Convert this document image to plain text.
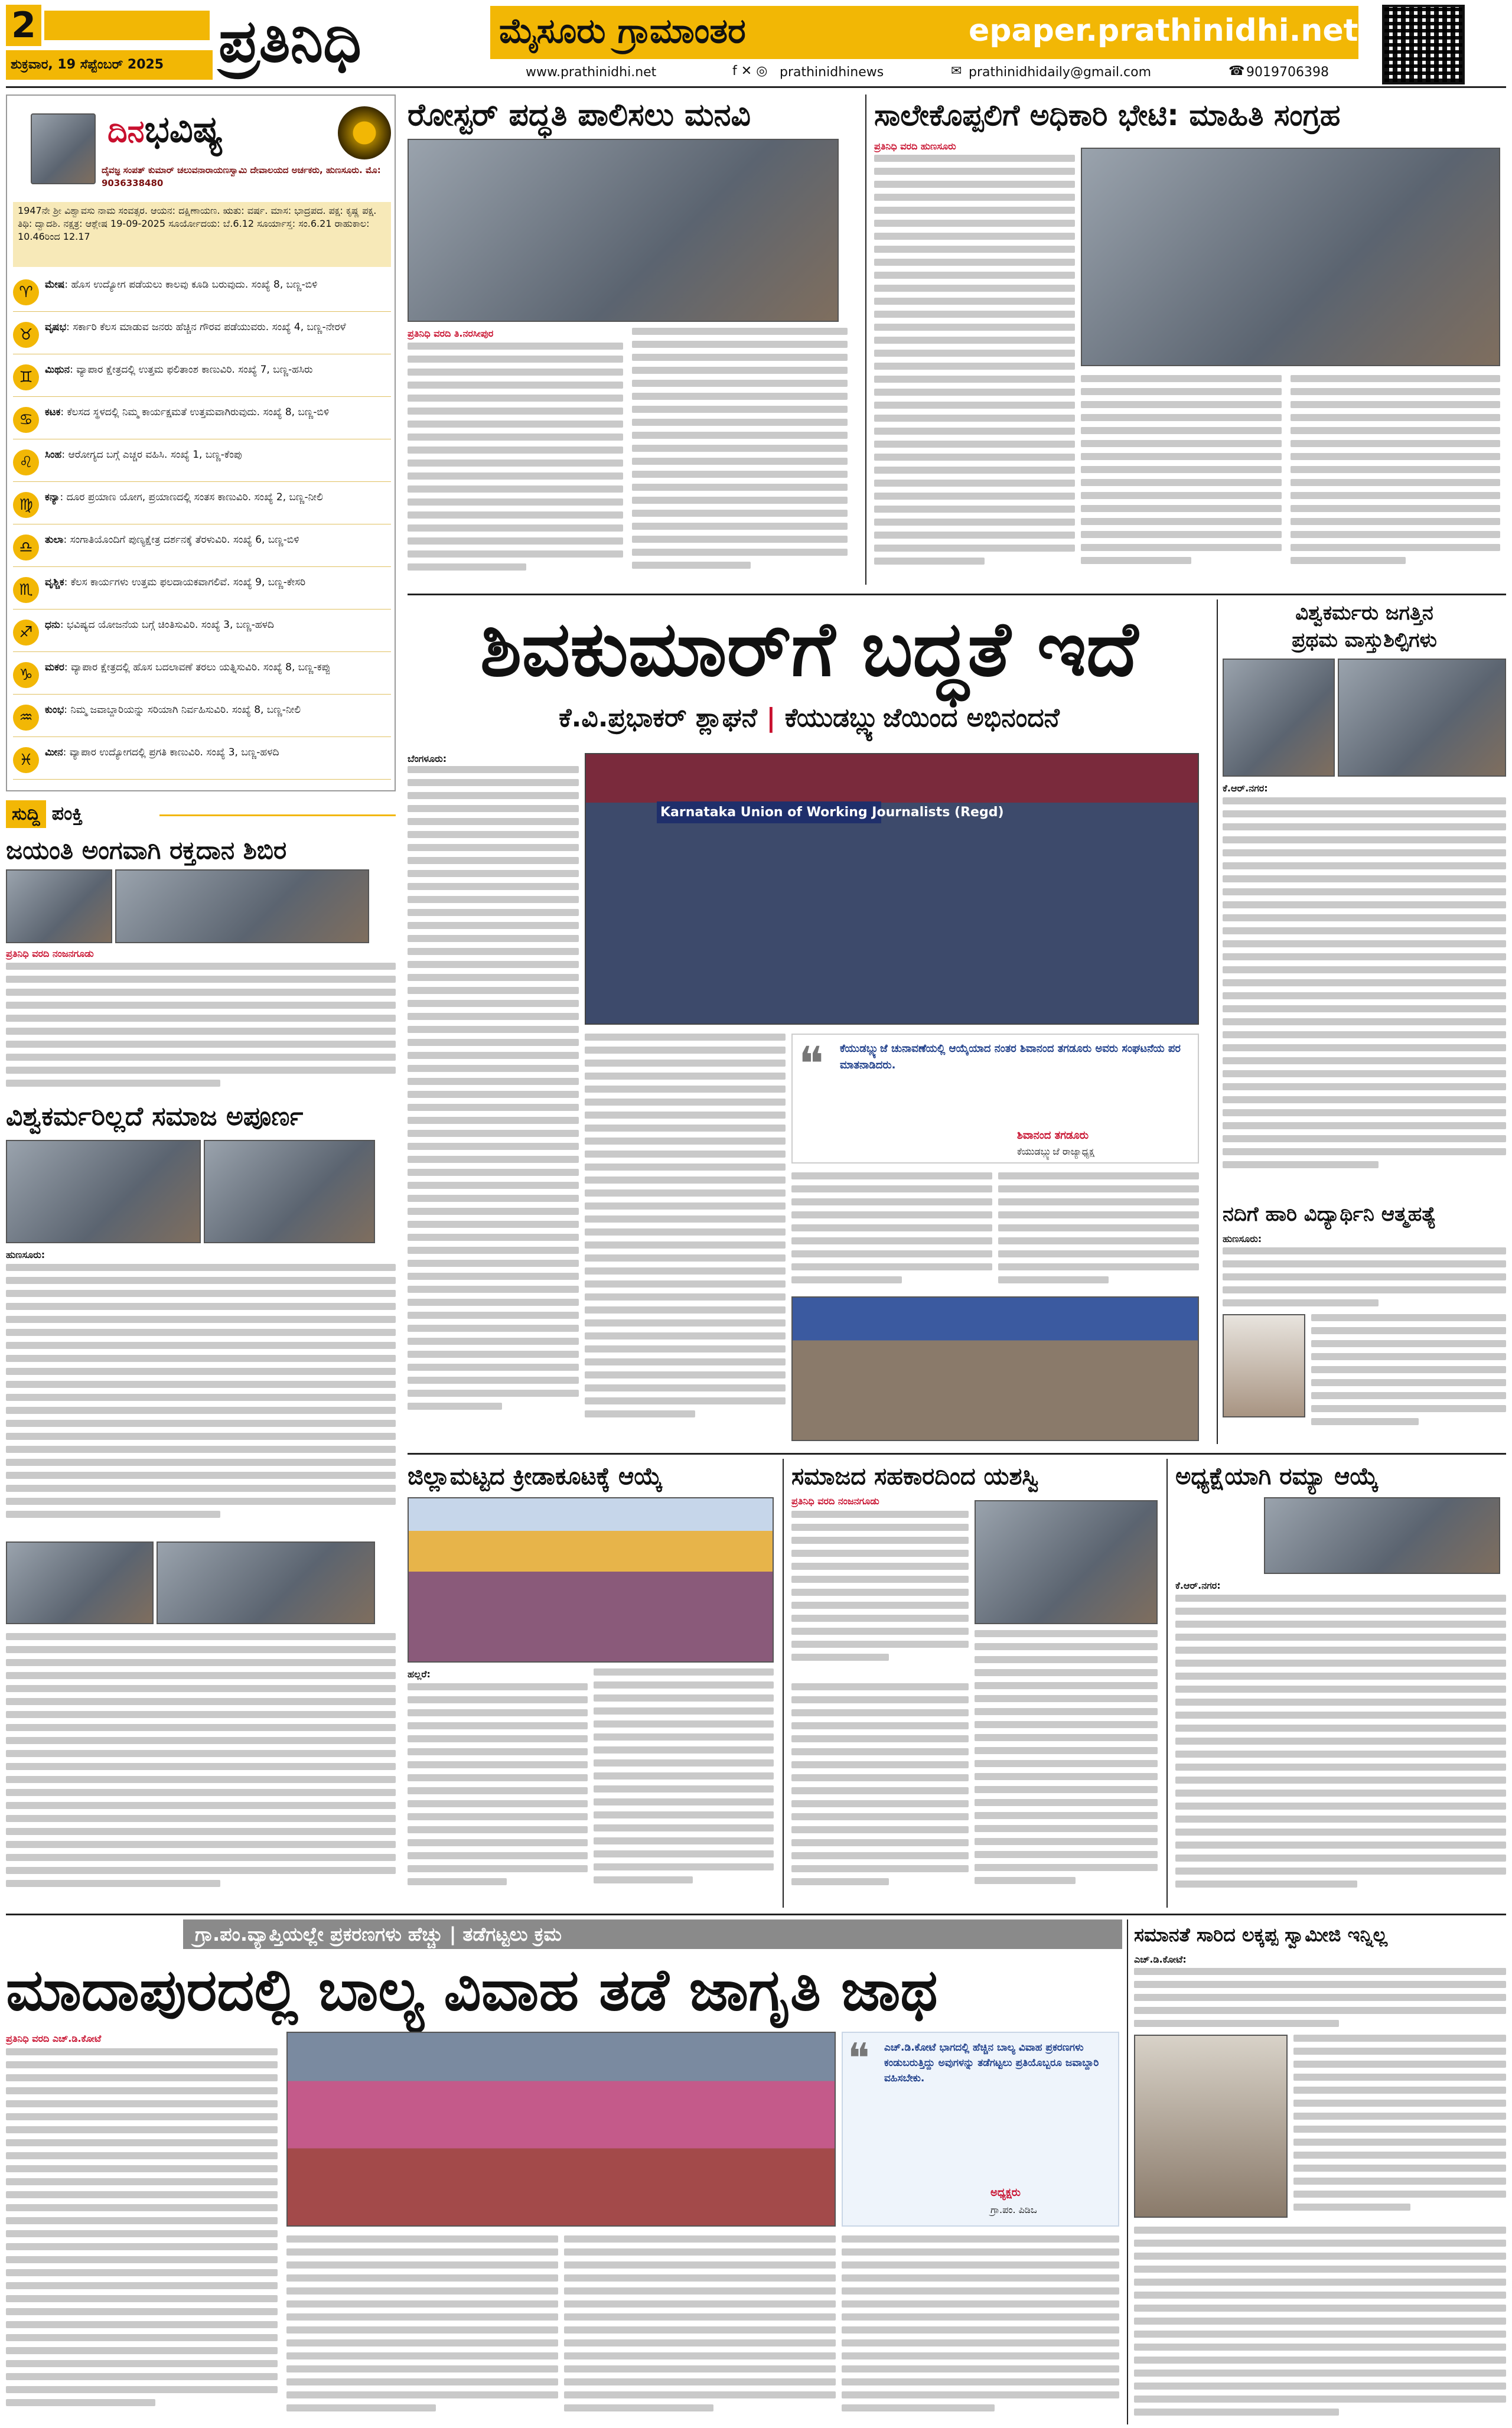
2
ಶುಕ್ರವಾರ, 19 ಸೆಪ್ಟೆಂಬರ್ 2025 ಪ್ರತಿನಿಧಿ	ಮೈಸೂರು ಗ್ರಾಮಾಂತರ	epaper.prathinidhi.net
www.prathinidhi.net	f ✕ ◎ prathinidhinews	✉ prathinidhidaily@gmail.com	☎ 9019706398
ದಿನಭವಿಷ್ಯ
ದೈವಜ್ಞ ಸಂಪತ್ ಕುಮಾರ್ ಚಲುವನಾರಾಯಣಸ್ವಾಮಿ ದೇವಾಲಯದ ಅರ್ಚಕರು, ಹುಣಸೂರು. ಮೊ: 9036338480
1947ನೇ ಶ್ರೀ ವಿಶ್ವಾವಸು ನಾಮ ಸಂವತ್ಸರ. ಆಯನ: ದಕ್ಷಿಣಾಯಣ. ಋತು: ವರ್ಷ. ಮಾಸ: ಭಾದ್ರಪದ. ಪಕ್ಷ: ಕೃಷ್ಣ ಪಕ್ಷ. ತಿಥಿ: ದ್ವಾದಶಿ. ನಕ್ಷತ್ರ: ಆಶ್ಲೇಷ 19-09-2025 ಸೂರ್ಯೋದಯ: ಬೆ.6.12 ಸೂರ್ಯಾಸ್ತ: ಸಂ.6.21 ರಾಹುಕಾಲ: 10.46ರಿಂದ 12.17
♈	ಮೇಷ: ಹೊಸ ಉದ್ಯೋಗ ಪಡೆಯಲು ಕಾಲವು ಕೂಡಿ ಬರುವುದು. ಸಂಖ್ಯೆ 8, ಬಣ್ಣ-ಬಿಳಿ
♉	ವೃಷಭ: ಸರ್ಕಾರಿ ಕೆಲಸ ಮಾಡುವ ಜನರು ಹೆಚ್ಚಿನ ಗೌರವ ಪಡೆಯುವರು. ಸಂಖ್ಯೆ 4, ಬಣ್ಣ-ನೇರಳೆ
♊	ಮಿಥುನ: ವ್ಯಾಪಾರ ಕ್ಷೇತ್ರದಲ್ಲಿ ಉತ್ತಮ ಫಲಿತಾಂಶ ಕಾಣುವಿರಿ. ಸಂಖ್ಯೆ 7, ಬಣ್ಣ-ಹಸಿರು
♋	ಕಟಕ: ಕೆಲಸದ ಸ್ಥಳದಲ್ಲಿ ನಿಮ್ಮ ಕಾರ್ಯಕ್ಷಮತೆ ಉತ್ತಮವಾಗಿರುವುದು. ಸಂಖ್ಯೆ 8, ಬಣ್ಣ-ಬಿಳಿ
♌	ಸಿಂಹ: ಆರೋಗ್ಯದ ಬಗ್ಗೆ ಎಚ್ಚರ ವಹಿಸಿ. ಸಂಖ್ಯೆ 1, ಬಣ್ಣ-ಕೆಂಪು
♍	ಕನ್ಯಾ: ದೂರ ಪ್ರಯಾಣ ಯೋಗ, ಪ್ರಯಾಣದಲ್ಲಿ ಸಂತಸ ಕಾಣುವಿರಿ. ಸಂಖ್ಯೆ 2, ಬಣ್ಣ-ನೀಲಿ
♎	ತುಲಾ: ಸಂಗಾತಿಯೊಂದಿಗೆ ಪುಣ್ಯಕ್ಷೇತ್ರ ದರ್ಶನಕ್ಕೆ ತೆರಳುವಿರಿ. ಸಂಖ್ಯೆ 6, ಬಣ್ಣ-ಬಿಳಿ
♏	ವೃಶ್ಚಿಕ: ಕೆಲಸ ಕಾರ್ಯಗಳು ಉತ್ತಮ ಫಲದಾಯಕವಾಗಲಿವೆ. ಸಂಖ್ಯೆ 9, ಬಣ್ಣ-ಕೇಸರಿ
♐	ಧನು: ಭವಿಷ್ಯದ ಯೋಜನೆಯ ಬಗ್ಗೆ ಚಿಂತಿಸುವಿರಿ. ಸಂಖ್ಯೆ 3, ಬಣ್ಣ-ಹಳದಿ
♑	ಮಕರ: ವ್ಯಾಪಾರ ಕ್ಷೇತ್ರದಲ್ಲಿ ಹೊಸ ಬದಲಾವಣೆ ತರಲು ಯತ್ನಿಸುವಿರಿ. ಸಂಖ್ಯೆ 8, ಬಣ್ಣ-ಕಪ್ಪು
♒	ಕುಂಭ: ನಿಮ್ಮ ಜವಾಬ್ದಾರಿಯನ್ನು ಸರಿಯಾಗಿ ನಿರ್ವಹಿಸುವಿರಿ. ಸಂಖ್ಯೆ 8, ಬಣ್ಣ-ನೀಲಿ
♓	ಮೀನ: ವ್ಯಾಪಾರ ಉದ್ಯೋಗದಲ್ಲಿ ಪ್ರಗತಿ ಕಾಣುವಿರಿ. ಸಂಖ್ಯೆ 3, ಬಣ್ಣ-ಹಳದಿ
ಸುದ್ದಿ ಪಂಕ್ತಿ
ಜಯಂತಿ ಅಂಗವಾಗಿ ರಕ್ತದಾನ ಶಿಬಿರ
ಪ್ರತಿನಿಧಿ ವರದಿ ನಂಜನಗೂಡು
ವಿಶ್ವಕರ್ಮರಿಲ್ಲದೆ ಸಮಾಜ ಅಪೂರ್ಣ
ಹುಣಸೂರು:
ರೋಸ್ಟರ್ ಪದ್ಧತಿ ಪಾಲಿಸಲು ಮನವಿ
ಪ್ರತಿನಿಧಿ ವರದಿ ತಿ.ನರಸೀಪುರ
ಸಾಲೇಕೊಪ್ಪಲಿಗೆ ಅಧಿಕಾರಿ ಭೇಟಿ: ಮಾಹಿತಿ ಸಂಗ್ರಹ
ಪ್ರತಿನಿಧಿ ವರದಿ ಹುಣಸೂರು
ಶಿವಕುಮಾರ್‌ಗೆ ಬದ್ಧತೆ ಇದೆ
ಕೆ.ವಿ.ಪ್ರಭಾಕರ್ ಶ್ಲಾಘನೆ | ಕೆಯುಡಬ್ಲ್ಯುಜೆಯಿಂದ ಅಭಿನಂದನೆ
ಬೆಂಗಳೂರು:
Karnataka Union of Working Journalists (Regd)
❝ ಕೆಯುಡಬ್ಲ್ಯುಜೆ ಚುನಾವಣೆಯಲ್ಲಿ ಆಯ್ಕೆಯಾದ ನಂತರ ಶಿವಾನಂದ ತಗಡೂರು ಅವರು ಸಂಘಟನೆಯ ಪರ ಮಾತನಾಡಿದರು.
ಶಿವಾನಂದ ತಗಡೂರು
ಕೆಯುಡಬ್ಲ್ಯುಜೆ ರಾಜ್ಯಾಧ್ಯಕ್ಷ
ವಿಶ್ವಕರ್ಮರು ಜಗತ್ತಿನ
ಪ್ರಥಮ ವಾಸ್ತುಶಿಲ್ಪಿಗಳು
ಕೆ.ಆರ್.ನಗರ:
ನದಿಗೆ ಹಾರಿ ವಿದ್ಯಾರ್ಥಿನಿ ಆತ್ಮಹತ್ಯೆ
ಹುಣಸೂರು:
ಜಿಲ್ಲಾಮಟ್ಟದ ಕ್ರೀಡಾಕೂಟಕ್ಕೆ ಆಯ್ಕೆ
ಹಲ್ಲರೆ:
ಸಮಾಜದ ಸಹಕಾರದಿಂದ ಯಶಸ್ವಿ
ಪ್ರತಿನಿಧಿ ವರದಿ ನಂಜನಗೂಡು
ಅಧ್ಯಕ್ಷೆಯಾಗಿ ರಮ್ಯಾ ಆಯ್ಕೆ
ಕೆ.ಆರ್.ನಗರ:
ಗ್ರಾ.ಪಂ.ವ್ಯಾಪ್ತಿಯಲ್ಲೇ ಪ್ರಕರಣಗಳು ಹೆಚ್ಚು | ತಡೆಗಟ್ಟಲು ಕ್ರಮ
ಮಾದಾಪುರದಲ್ಲಿ ಬಾಲ್ಯ ವಿವಾಹ ತಡೆ ಜಾಗೃತಿ ಜಾಥ
ಪ್ರತಿನಿಧಿ ವರದಿ ಎಚ್.ಡಿ.ಕೋಟೆ	❝ ಎಚ್.ಡಿ.ಕೋಟೆ ಭಾಗದಲ್ಲಿ ಹೆಚ್ಚಿನ ಬಾಲ್ಯ ವಿವಾಹ ಪ್ರಕರಣಗಳು ಕಂಡುಬರುತ್ತಿದ್ದು ಅವುಗಳನ್ನು ತಡೆಗಟ್ಟಲು ಪ್ರತಿಯೊಬ್ಬರೂ ಜವಾಬ್ದಾರಿ ವಹಿಸಬೇಕು.
ಅಧ್ಯಕ್ಷರು
ಗ್ರಾ.ಪಂ. ಪಿಡಿಒ
ಸಮಾನತೆ ಸಾರಿದ ಲಕ್ಕಪ್ಪ ಸ್ವಾಮೀಜಿ ಇನ್ನಿಲ್ಲ
ಎಚ್.ಡಿ.ಕೋಟೆ:
